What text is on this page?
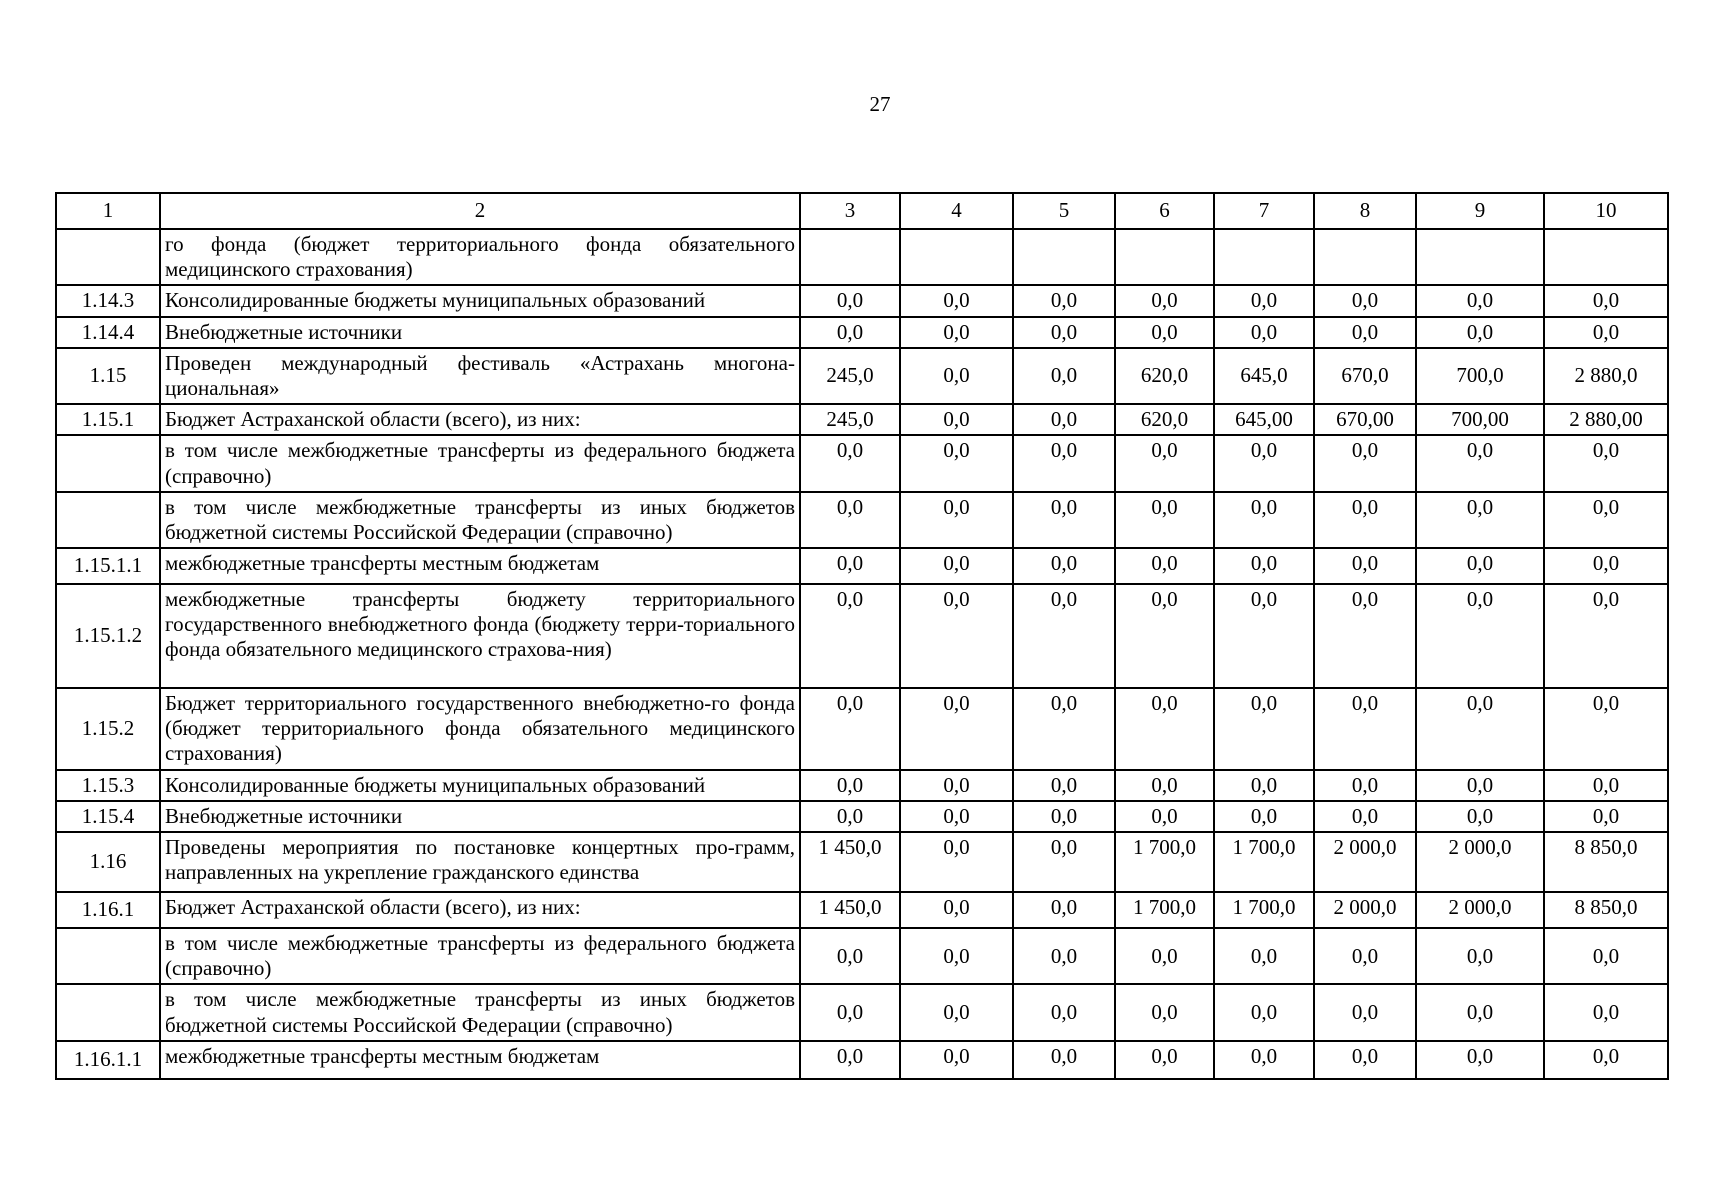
27
1	2	3	4	5	6	7	8	9	10
	го фонда (бюджет территориального фонда обязательного медицинского страхования)								
1.14.3	Консолидированные бюджеты муниципальных образований	0,0	0,0	0,0	0,0	0,0	0,0	0,0	0,0
1.14.4	Внебюджетные источники	0,0	0,0	0,0	0,0	0,0	0,0	0,0	0,0
1.15	Проведен международный фестиваль «Астрахань многона-циональная»	245,0	0,0	0,0	620,0	645,0	670,0	700,0	2 880,0
1.15.1	Бюджет Астраханской области (всего), из них:	245,0	0,0	0,0	620,0	645,00	670,00	700,00	2 880,00
	в том числе межбюджетные трансферты из федерального бюджета (справочно)	0,0	0,0	0,0	0,0	0,0	0,0	0,0	0,0
	в том числе межбюджетные трансферты из иных бюджетов бюджетной системы Российской Федерации (справочно)	0,0	0,0	0,0	0,0	0,0	0,0	0,0	0,0
1.15.1.1	межбюджетные трансферты местным бюджетам	0,0	0,0	0,0	0,0	0,0	0,0	0,0	0,0
1.15.1.2	межбюджетные трансферты бюджету территориального государственного внебюджетного фонда (бюджету терри-ториального фонда обязательного медицинского страхова-ния)	0,0	0,0	0,0	0,0	0,0	0,0	0,0	0,0
1.15.2	Бюджет территориального государственного внебюджетно-го фонда (бюджет территориального фонда обязательного медицинского страхования)	0,0	0,0	0,0	0,0	0,0	0,0	0,0	0,0
1.15.3	Консолидированные бюджеты муниципальных образований	0,0	0,0	0,0	0,0	0,0	0,0	0,0	0,0
1.15.4	Внебюджетные источники	0,0	0,0	0,0	0,0	0,0	0,0	0,0	0,0
1.16	Проведены мероприятия по постановке концертных про-грамм, направленных на укрепление гражданского единства	1 450,0	0,0	0,0	1 700,0	1 700,0	2 000,0	2 000,0	8 850,0
1.16.1	Бюджет Астраханской области (всего), из них:	1 450,0	0,0	0,0	1 700,0	1 700,0	2 000,0	2 000,0	8 850,0
	в том числе межбюджетные трансферты из федерального бюджета (справочно)	0,0	0,0	0,0	0,0	0,0	0,0	0,0	0,0
	в том числе межбюджетные трансферты из иных бюджетов бюджетной системы Российской Федерации (справочно)	0,0	0,0	0,0	0,0	0,0	0,0	0,0	0,0
1.16.1.1	межбюджетные трансферты местным бюджетам	0,0	0,0	0,0	0,0	0,0	0,0	0,0	0,0
